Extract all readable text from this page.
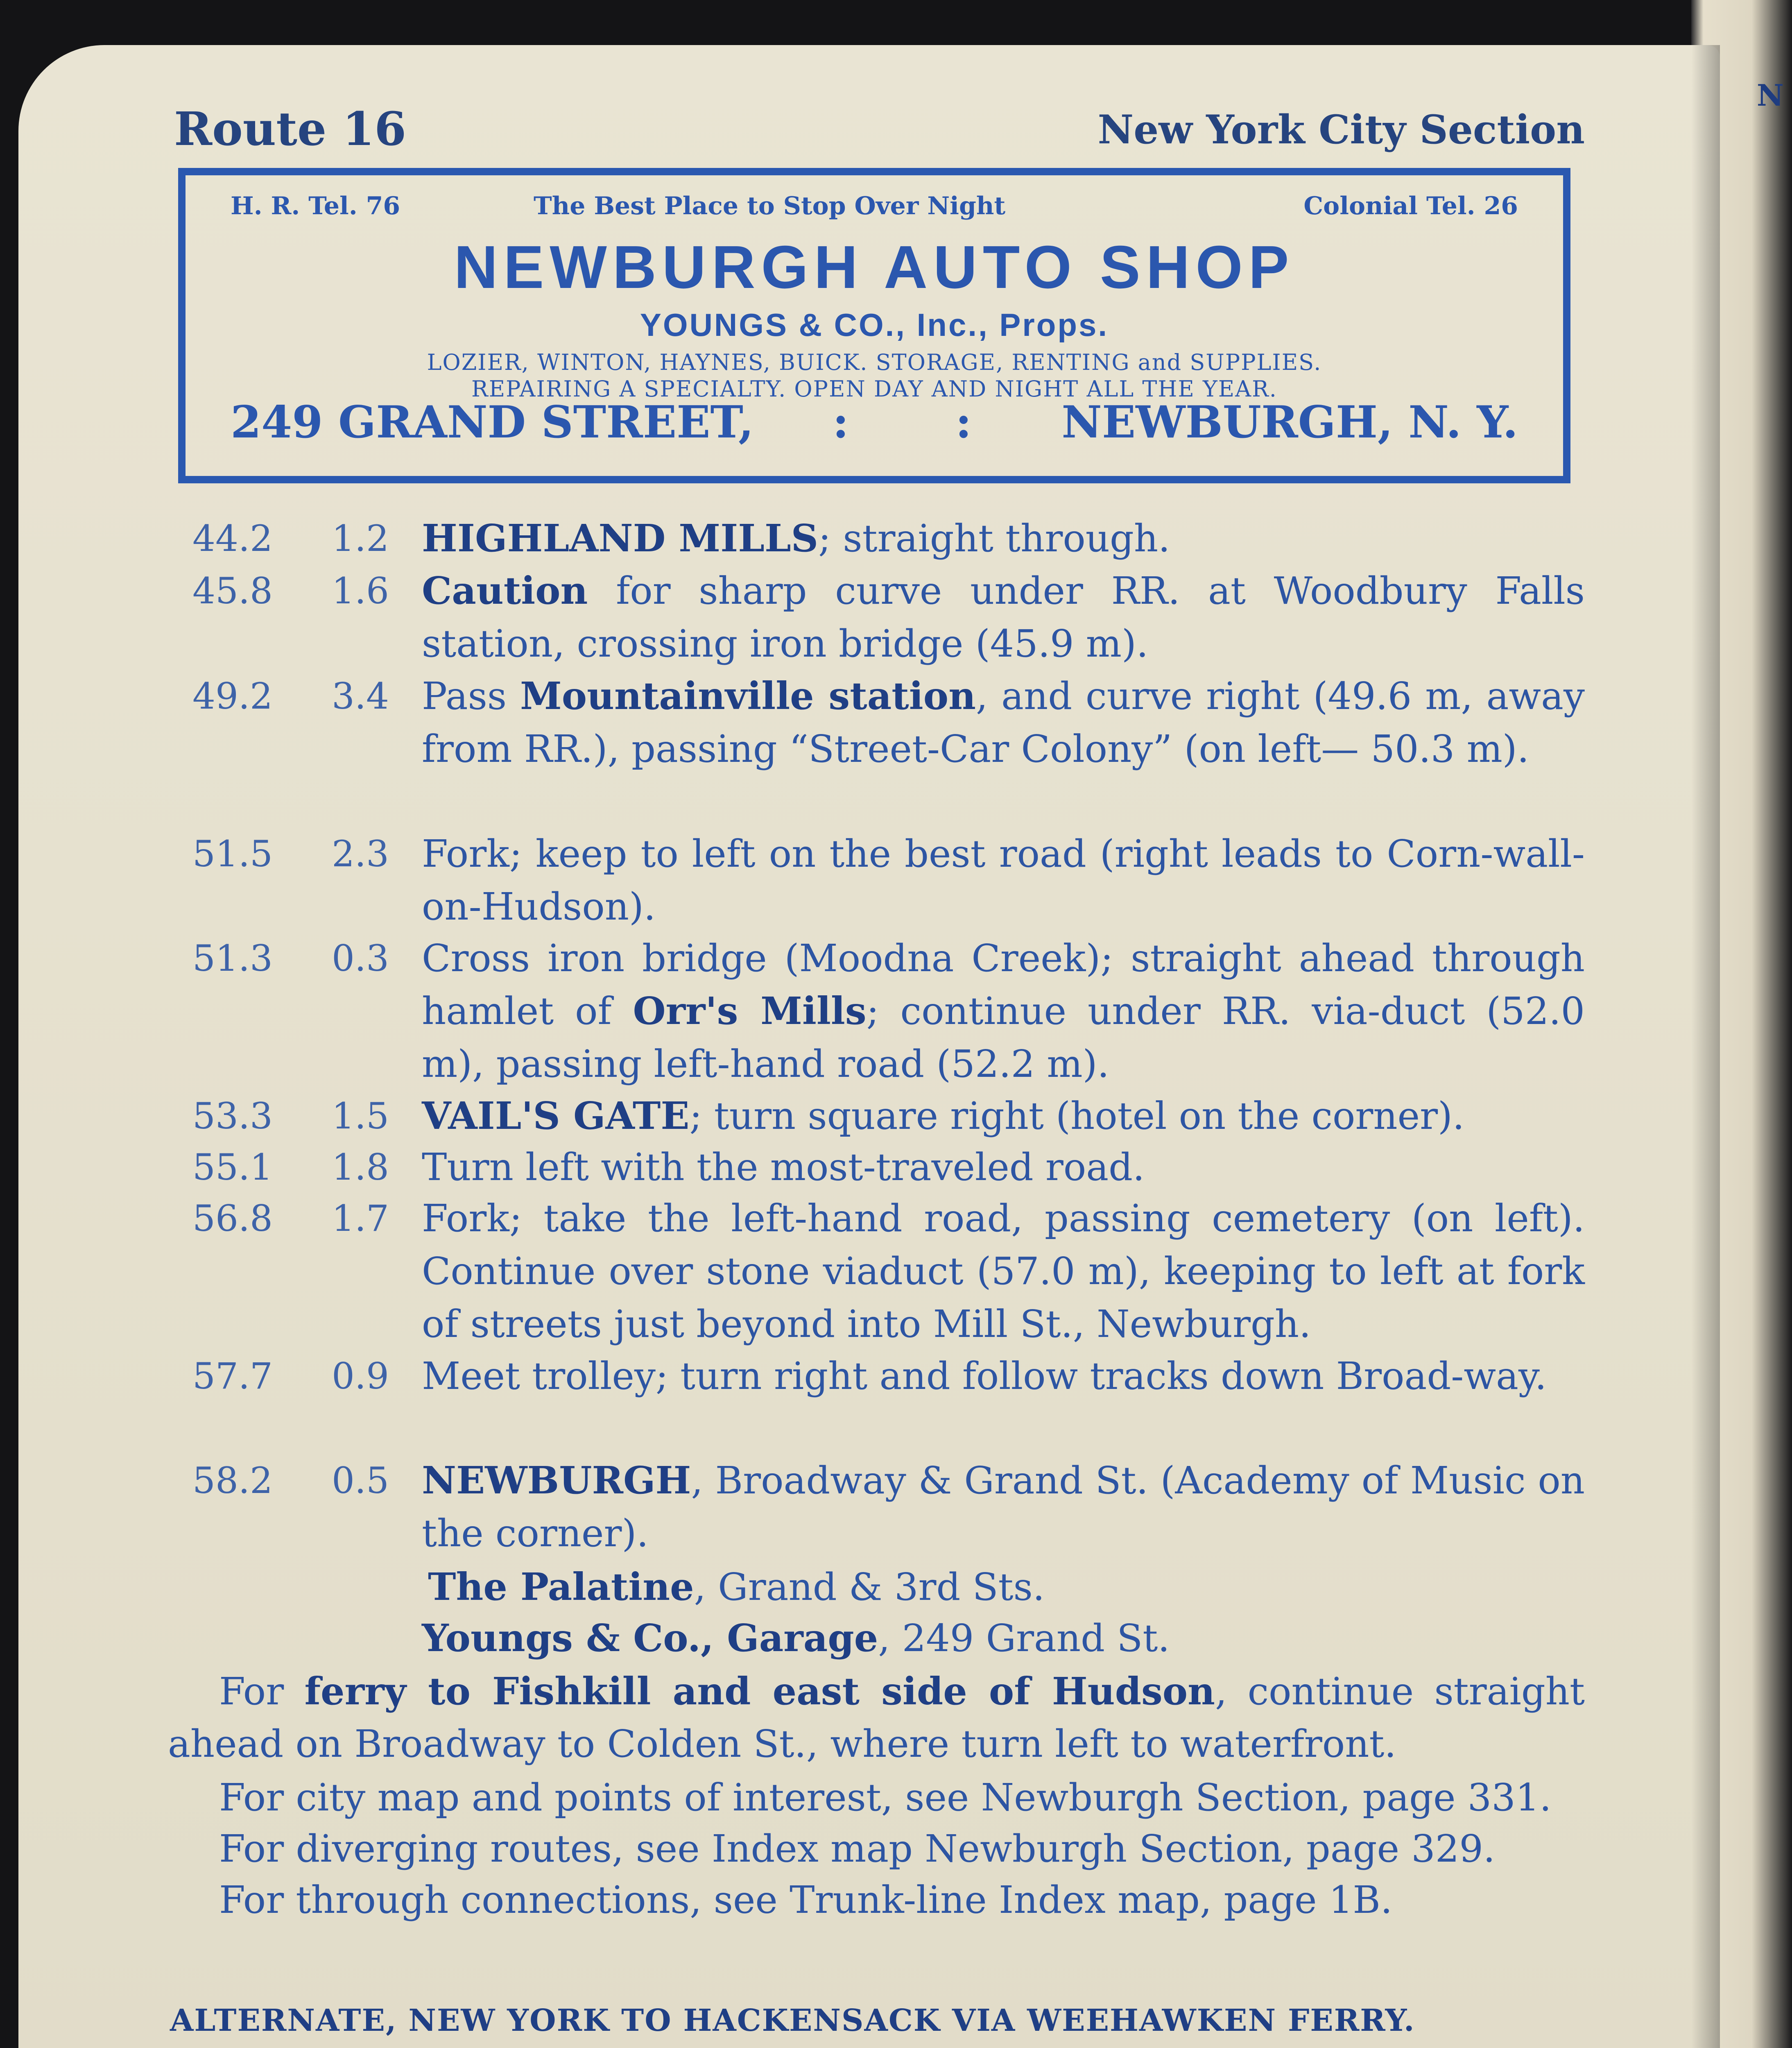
N
Route 16	New York City Section
H. R. Tel. 76	The Best Place to Stop Over Night	Colonial Tel. 26
NEWBURGH AUTO SHOP
YOUNGS & CO., Inc., Props.
LOZIER, WINTON, HAYNES, BUICK. STORAGE, RENTING and SUPPLIES.
REPAIRING A SPECIALTY. OPEN DAY AND NIGHT ALL THE YEAR.
249 GRAND STREET, : : NEWBURGH, N. Y.
44.2 1.2 HIGHLAND MILLS; straight through.
45.8 1.6 Caution for sharp curve under RR. at Woodbury Falls station, crossing iron bridge (45.9 m).
49.2 3.4 Pass Mountainville station, and curve right (49.6 m, away from RR.), passing “Street-Car Colony” (on left— 50.3 m).
51.5 2.3 Fork; keep to left on the best road (right leads to Corn-wall-on-Hudson).
51.3 0.3 Cross iron bridge (Moodna Creek); straight ahead through hamlet of Orr's Mills; continue under RR. via-duct (52.0 m), passing left-hand road (52.2 m).
53.3 1.5 VAIL'S GATE; turn square right (hotel on the corner).
55.1 1.8 Turn left with the most-traveled road.
56.8 1.7 Fork; take the left-hand road, passing cemetery (on left). Continue over stone viaduct (57.0 m), keeping to left at fork of streets just beyond into Mill St., Newburgh.
57.7 0.9 Meet trolley; turn right and follow tracks down Broad-way.
58.2 0.5 NEWBURGH, Broadway & Grand St. (Academy of Music on the corner).
The Palatine, Grand & 3rd Sts.
Youngs & Co., Garage, 249 Grand St.
For ferry to Fishkill and east side of Hudson, continue straight ahead on Broadway to Colden St., where turn left to waterfront.
For city map and points of interest, see Newburgh Section, page 331.
For diverging routes, see Index map Newburgh Section, page 329.
For through connections, see Trunk-line Index map, page 1B.
ALTERNATE, NEW YORK TO HACKENSACK VIA WEEHAWKEN FERRY.
